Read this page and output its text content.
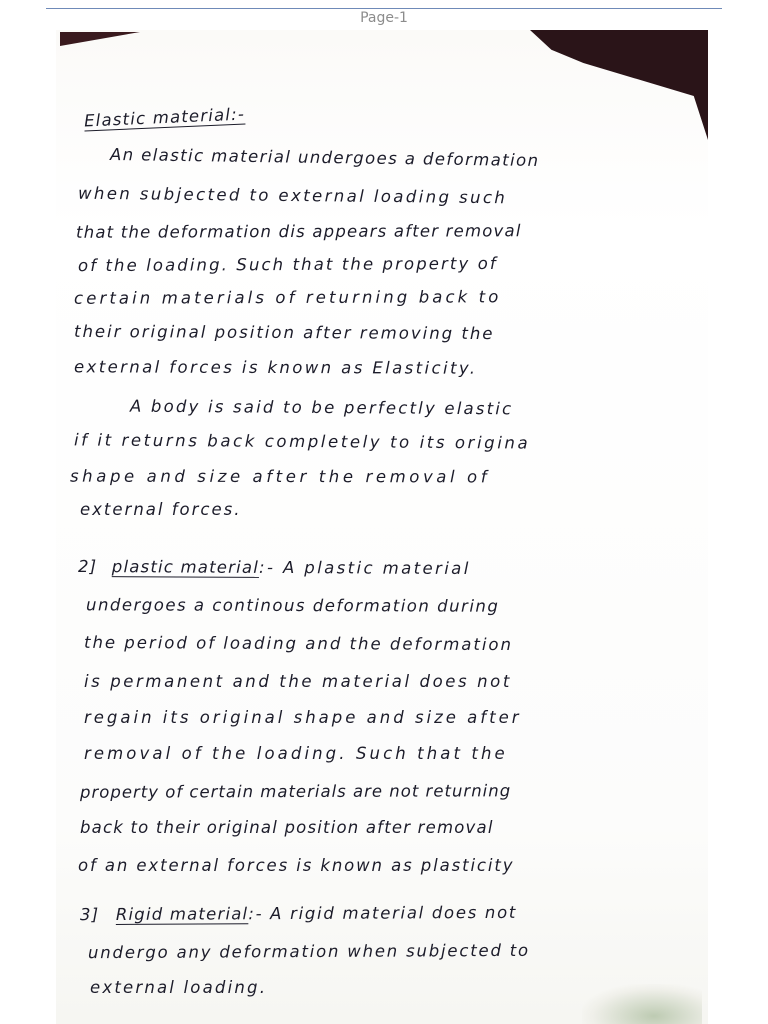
Page-1
Elastic material:-
An elastic material undergoes a deformation
when subjected to external loading such
that the deformation dis appears after removal
of the loading. Such that the property of
certain materials of returning back to
their original position after removing the
external forces is known as Elasticity.
A body is said to be perfectly elastic
if it returns back completely to its origina
shape and size after the removal of
external forces.
2] plastic material:- A plastic material
undergoes a continous deformation during
the period of loading and the deformation
is permanent and the material does not
regain its original shape and size after
removal of the loading. Such that the
property of certain materials are not returning
back to their original position after removal
of an external forces is known as plasticity
3] Rigid material:- A rigid material does not
undergo any deformation when subjected to
external loading.
